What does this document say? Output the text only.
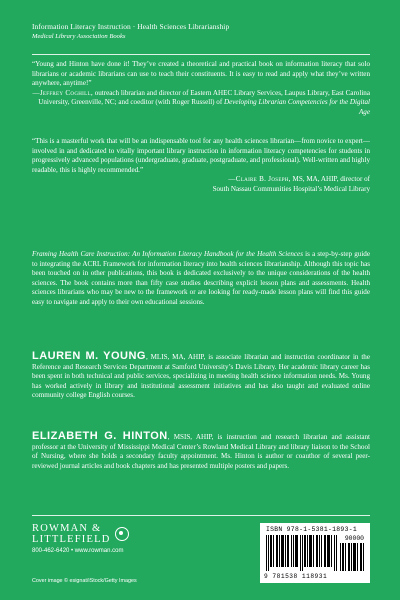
Information Literacy Instruction · Health Sciences Librarianship
Medical Library Association Books
“Young and Hinton have done it! They’ve created a theoretical and practical book on information literacy that solo librarians or academic librarians can use to teach their constituents. It is easy to read and apply what they’ve written anywhere, anytime!”
—Jeffrey Coghill, outreach librarian and director of Eastern AHEC Library Services, Laupus Library, East Carolina University, Greenville, NC; and coeditor (with Roger Russell) of Developing Librarian Competencies for the Digital Age
“This is a masterful work that will be an indispensable tool for any health sciences librarian—from novice to expert—involved in and dedicated to vitally important library instruction in information literacy competencies for students in progressively advanced populations (undergraduate, graduate, postgraduate, and professional). Well-written and highly readable, this is highly recommended.”
—Claire B. Joseph, MS, MA, AHIP, director of
South Nassau Communities Hospital’s Medical Library
Framing Health Care Instruction: An Information Literacy Handbook for the Health Sciences is a step-by-step guide to integrating the ACRL Framework for information literacy into health sciences librarianship. Although this topic has been touched on in other publications, this book is dedicated exclusively to the unique considerations of the health sciences. The book contains more than fifty case studies describing explicit lesson plans and assessments. Health sciences librarians who may be new to the framework or are looking for ready-made lesson plans will find this guide easy to navigate and apply to their own educational sessions.
LAUREN M. YOUNG, MLIS, MA, AHIP, is associate librarian and instruction coordinator in the Reference and Research Services Department at Samford University’s Davis Library. Her academic library career has been spent in both technical and public services, specializing in meeting health science information needs. Ms. Young has worked actively in library and institutional assessment initiatives and has also taught and evaluated online community college English courses.
ELIZABETH G. HINTON, MSIS, AHIP, is instruction and research librarian and assistant professor at the University of Mississippi Medical Center’s Rowland Medical Library and library liaison to the School of Nursing, where she holds a secondary faculty appointment. Ms. Hinton is author or coauthor of several peer-reviewed journal articles and book chapters and has presented multiple posters and papers.
ROWMAN &
LITTLEFIELD
800-462-6420 • www.rowman.com
Cover image © esignat/iStock/Getty Images
ISBN 978-1-5381-1893-1
90000
9 781538 118931
